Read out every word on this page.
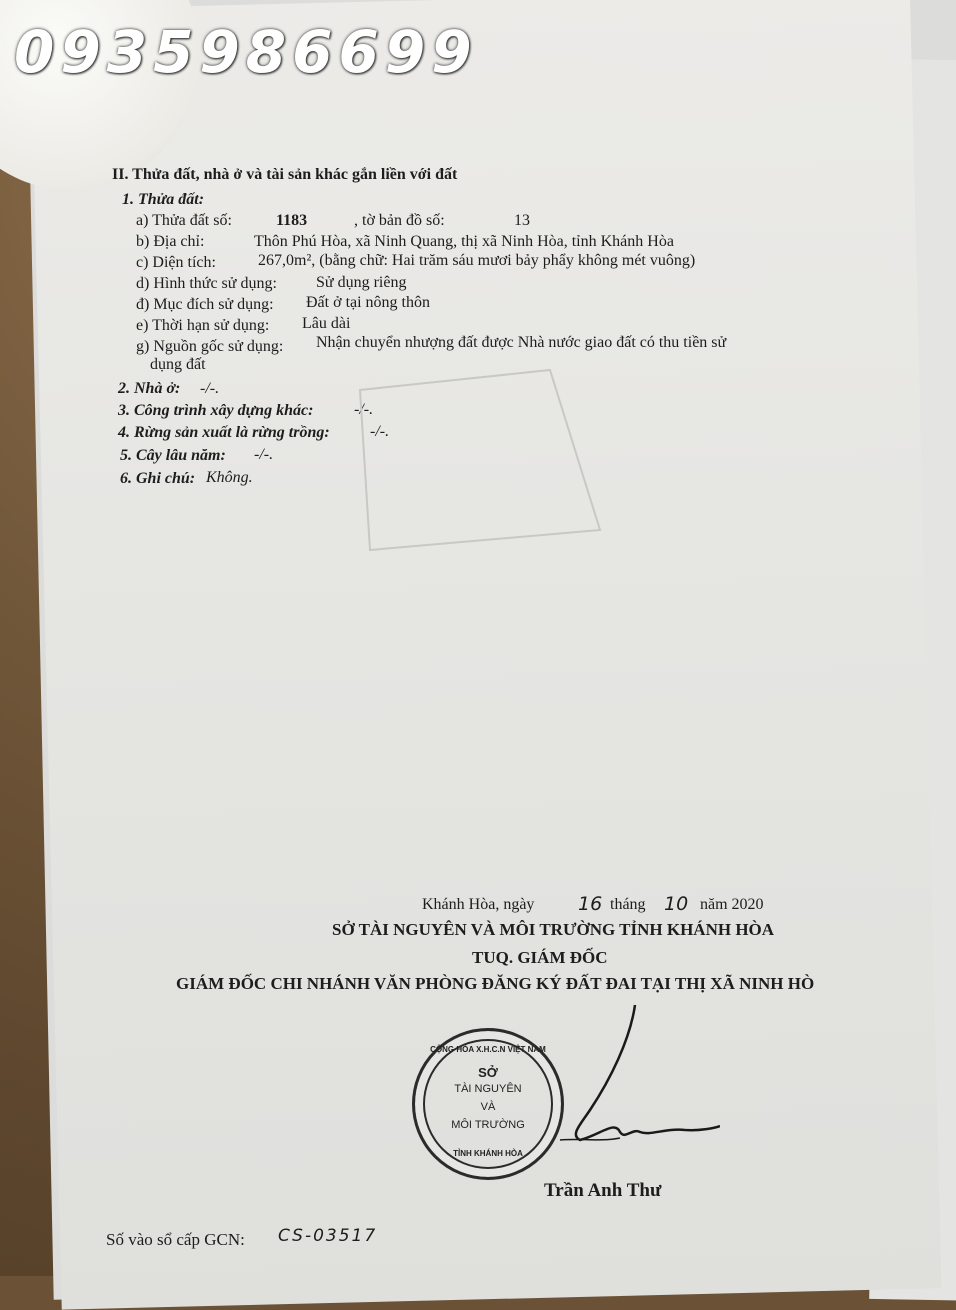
0935986699
II. Thửa đất, nhà ở và tài sản khác gắn liền với đất
1. Thửa đất:
a) Thửa đất số:	1183	, tờ bản đồ số:	13
b) Địa chỉ:	Thôn Phú Hòa, xã Ninh Quang, thị xã Ninh Hòa, tỉnh Khánh Hòa
c) Diện tích:	267,0m², (bằng chữ: Hai trăm sáu mươi bảy phẩy không mét vuông)
d) Hình thức sử dụng: Sử dụng riêng
đ) Mục đích sử dụng: Đất ở tại nông thôn
e) Thời hạn sử dụng: Lâu dài
g) Nguồn gốc sử dụng: Nhận chuyển nhượng đất được Nhà nước giao đất có thu tiền sử
dụng đất
2. Nhà ở: -/-.
3. Công trình xây dựng khác:	-/-.
4. Rừng sản xuất là rừng trồng:	-/-.
5. Cây lâu năm: -/-.
6. Ghi chú: Không.
Khánh Hòa, ngày 16 tháng 10 năm 2020
SỞ TÀI NGUYÊN VÀ MÔI TRƯỜNG TỈNH KHÁNH HÒA
TUQ. GIÁM ĐỐC
GIÁM ĐỐC CHI NHÁNH VĂN PHÒNG ĐĂNG KÝ ĐẤT ĐAI TẠI THỊ XÃ NINH HÒ
CỘNG HÒA X.H.C.N VIỆT NAM
SỞ
TÀI NGUYÊN
VÀ
MÔI TRƯỜNG
TỈNH KHÁNH HÒA
Trần Anh Thư
Số vào sổ cấp GCN: CS-03517
